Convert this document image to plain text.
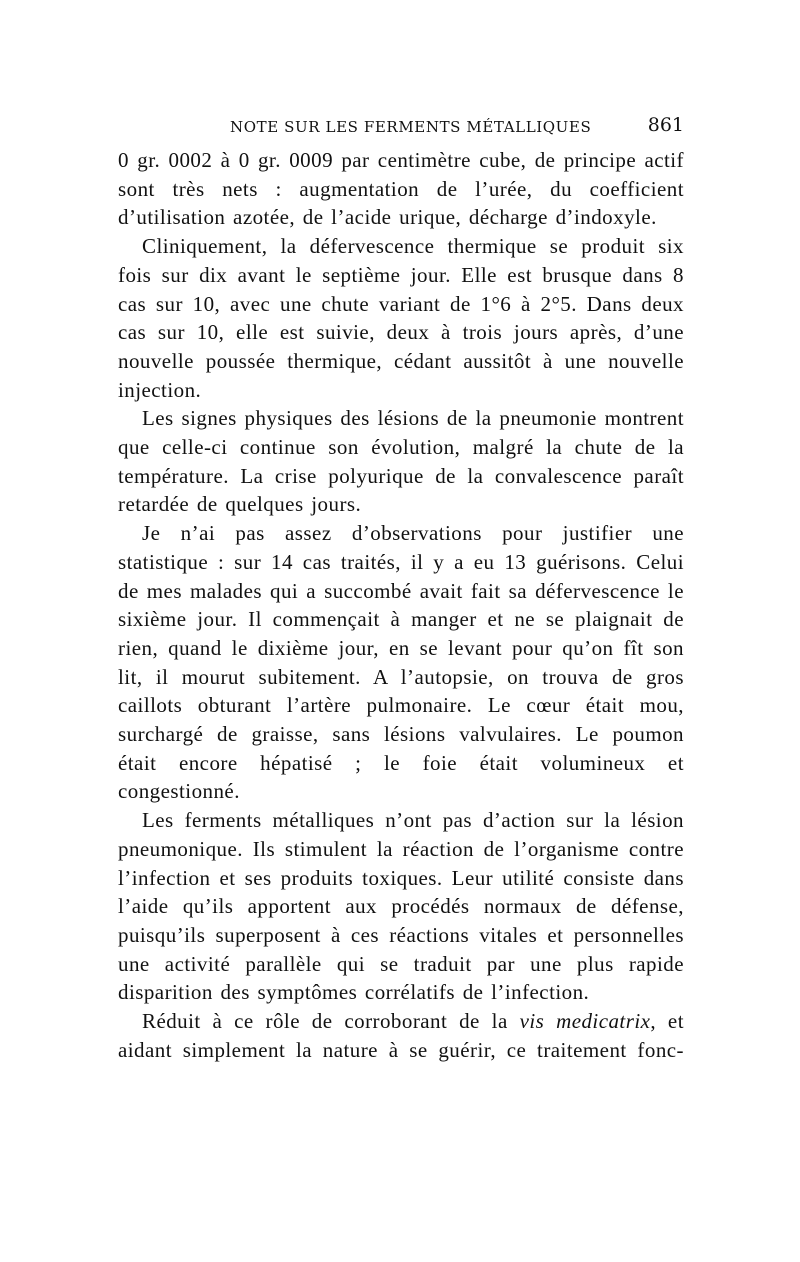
NOTE SUR LES FERMENTS MÉTALLIQUES	861

0 gr. 0002 à 0 gr. 0009 par centimètre cube, de principe actif sont très nets : augmentation de l’urée, du coefficient d’utilisation azotée, de l’acide urique, décharge d’indoxyle.

Cliniquement, la défervescence thermique se produit six fois sur dix avant le septième jour. Elle est brusque dans 8 cas sur 10, avec une chute variant de 1°6 à 2°5. Dans deux cas sur 10, elle est suivie, deux à trois jours après, d’une nouvelle poussée thermique, cédant aussitôt à une nouvelle injection.

Les signes physiques des lésions de la pneumonie montrent que celle-ci continue son évolution, malgré la chute de la température. La crise polyurique de la convalescence paraît retardée de quelques jours.

Je n’ai pas assez d’observations pour justifier une statistique : sur 14 cas traités, il y a eu 13 guérisons. Celui de mes malades qui a succombé avait fait sa défervescence le sixième jour. Il commençait à manger et ne se plaignait de rien, quand le dixième jour, en se levant pour qu’on fît son lit, il mourut subitement. A l’autopsie, on trouva de gros caillots obturant l’artère pulmonaire. Le cœur était mou, surchargé de graisse, sans lésions valvulaires. Le poumon était encore hépatisé ; le foie était volumineux et congestionné.

Les ferments métalliques n’ont pas d’action sur la lésion pneumonique. Ils stimulent la réaction de l’organisme contre l’infection et ses produits toxiques. Leur utilité consiste dans l’aide qu’ils apportent aux procédés normaux de défense, puisqu’ils superposent à ces réactions vitales et personnelles une activité parallèle qui se traduit par une plus rapide disparition des symptômes corrélatifs de l’infection.

Réduit à ce rôle de corroborant de la vis medicatrix, et aidant simplement la nature à se guérir, ce traitement fonc-
